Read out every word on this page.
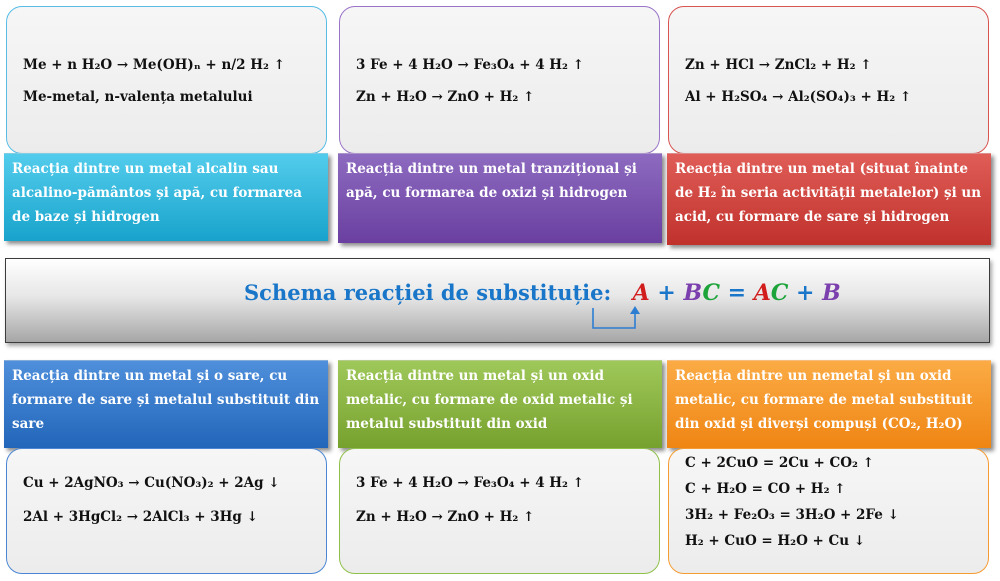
Me + n H₂O → Me(OH)ₙ + n/2 H₂ ↑
Me-metal, n-valența metalului
Reacția dintre un metal alcalin sau
alcalino-pământos și apă, cu formarea
de baze și hidrogen
3 Fe + 4 H₂O → Fe₃O₄ + 4 H₂ ↑
Zn + H₂O → ZnO + H₂ ↑
Reacția dintre un metal tranzițional și
apă, cu formarea de oxizi și hidrogen
Zn + HCl → ZnCl₂ + H₂ ↑
Al + H₂SO₄ → Al₂(SO₄)₃ + H₂ ↑
Reacția dintre un metal (situat înainte
de H₂ în seria activității metalelor) și un
acid, cu formare de sare și hidrogen
Schema reacției de substituție: A + BC = AC + B
Reacția dintre un metal și o sare, cu
formare de sare și metalul substituit din
sare
Cu + 2AgNO₃ → Cu(NO₃)₂ + 2Ag ↓
2Al + 3HgCl₂ → 2AlCl₃ + 3Hg ↓
Reacția dintre un metal și un oxid
metalic, cu formare de oxid metalic și
metalul substituit din oxid
3 Fe + 4 H₂O → Fe₃O₄ + 4 H₂ ↑
Zn + H₂O → ZnO + H₂ ↑
Reacția dintre un nemetal și un oxid
metalic, cu formare de metal substituit
din oxid și diverși compuși (CO₂, H₂O)
C + 2CuO = 2Cu + CO₂ ↑
C + H₂O = CO + H₂ ↑
3H₂ + Fe₂O₃ = 3H₂O + 2Fe ↓
H₂ + CuO = H₂O + Cu ↓
